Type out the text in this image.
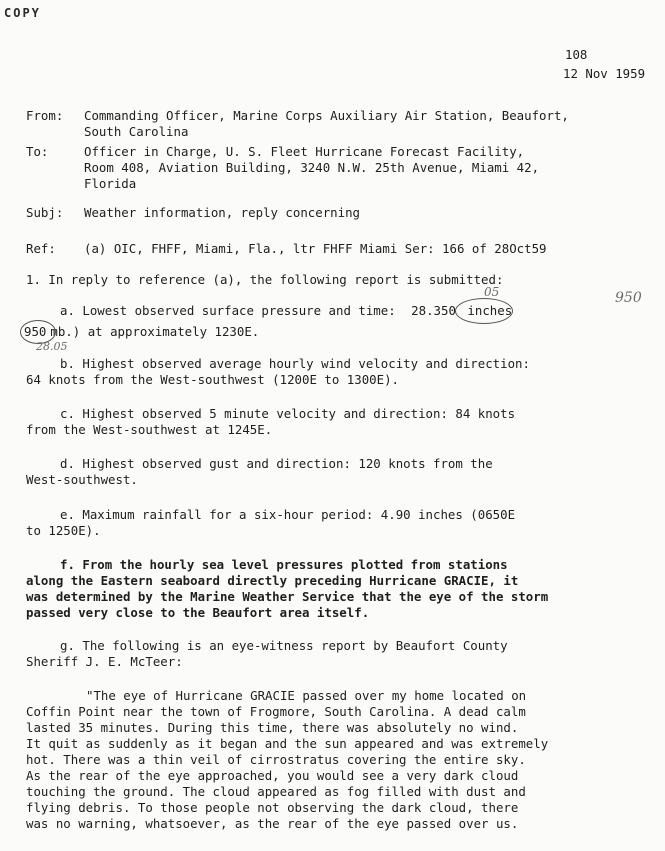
COPY
108
12 Nov 1959
From: Commanding Officer, Marine Corps Auxiliary Air Station, Beaufort,
South Carolina
To:	Officer in Charge, U. S. Fleet Hurricane Forecast Facility,
Room 408, Aviation Building, 3240 N.W. 25th Avenue, Miami 42,
Florida
Subj: Weather information, reply concerning
Ref: (a) OIC, FHFF, Miami, Fla., ltr FHFF Miami Ser: 166 of 28Oct59
1. In reply to reference (a), the following report is submitted:
a. Lowest observed surface pressure and time: 28.350 inches
950 mb.) at approximately 1230E.
05
28.05
950
b. Highest observed average hourly wind velocity and direction:
64 knots from the West-southwest (1200E to 1300E).
c. Highest observed 5 minute velocity and direction: 84 knots
from the West-southwest at 1245E.
d. Highest observed gust and direction: 120 knots from the
West-southwest.
e. Maximum rainfall for a six-hour period: 4.90 inches (0650E
to 1250E).
f. From the hourly sea level pressures plotted from stations
along the Eastern seaboard directly preceding Hurricane GRACIE, it
was determined by the Marine Weather Service that the eye of the storm
passed very close to the Beaufort area itself.
g. The following is an eye-witness report by Beaufort County
Sheriff J. E. McTeer:
"The eye of Hurricane GRACIE passed over my home located on
Coffin Point near the town of Frogmore, South Carolina. A dead calm
lasted 35 minutes. During this time, there was absolutely no wind.
It quit as suddenly as it began and the sun appeared and was extremely
hot. There was a thin veil of cirrostratus covering the entire sky.
As the rear of the eye approached, you would see a very dark cloud
touching the ground. The cloud appeared as fog filled with dust and
flying debris. To those people not observing the dark cloud, there
was no warning, whatsoever, as the rear of the eye passed over us.
